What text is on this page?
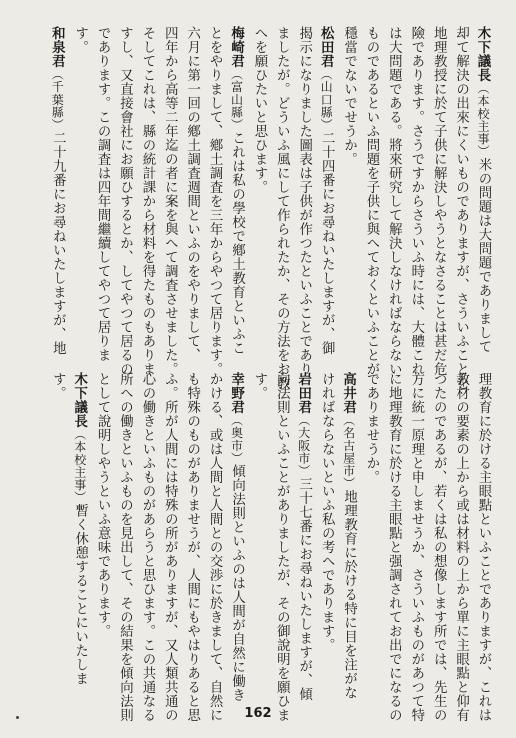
木下議長（本校主事）米の問題は大問題でありまして
却て解決の出來にくいものでありますが、さういふことを
地理教授に於て子供に解決しやうとなさることは甚だ危
險であります。さうですからさういふ時には、大體これ
は大問題である。將來研究して解決しなければならない
ものであるといふ問題を子供に與へておくといふことが
穩當でないでせうか。
松田君（山口縣）二十四番にお尋ねいたしますが、御
揭示になりました圖表は子供が作つたといふことであり
ましたが。どういふ風にして作られたか、その方法をお教
へを願ひたいと思ひます。
梅崎君（富山縣）これは私の學校で鄕土教育といふこ
とをやりまして、鄕土調査を三年からやつて居ります。
六月に第一回の鄕土調査週間といふのをやりまして、
四年から高等二年迄の者に案を與へて調査させました。
そしてこれは、縣の統計課から材料を得たものもありま
すし、又直接會社にお願ひするとか、してやつて居るの
であります。この調査は四年間繼續してやつて居りま
す。
和泉君（千葉縣）二十九番にお尋ねいたしますが、地
理教育に於ける主眼點といふことでありますが、これは
教材の要素の上から或は材料の上から單に主眼點と仰有
つたのであるが、若くは私の想像します所では、先生の
方に統一原理と申しませうか、さういふものがあつて特
に地理教育に於ける主眼點と强調されてお出でになるの
でありませうか。
高井君（名古屋市）地理教育に於ける特に目を注がな
ければならないといふ私の考へであります。
岩田君（大阪市）三十七番にお尋ねいたしますが、傾
向法則といふことがありましたが、その御說明を願ひま
す。
幸野君（奥市）傾向法則といふのは人間が自然に働き
かける、或は人間と人間との交渉に於きまして、自然に
も特殊のものがありませうが、人間にもやはりあると思
ふ。所が人間には特殊の所がありますが、又人類共通の
心の働きといふものがあらうと思ひます。この共通なる
所への働きといふものを見出して、その結果を傾向法則
として說明しやうといふ意味であります。
木下議長（本校主事）暫く休憩することにいたしま
す。
162
